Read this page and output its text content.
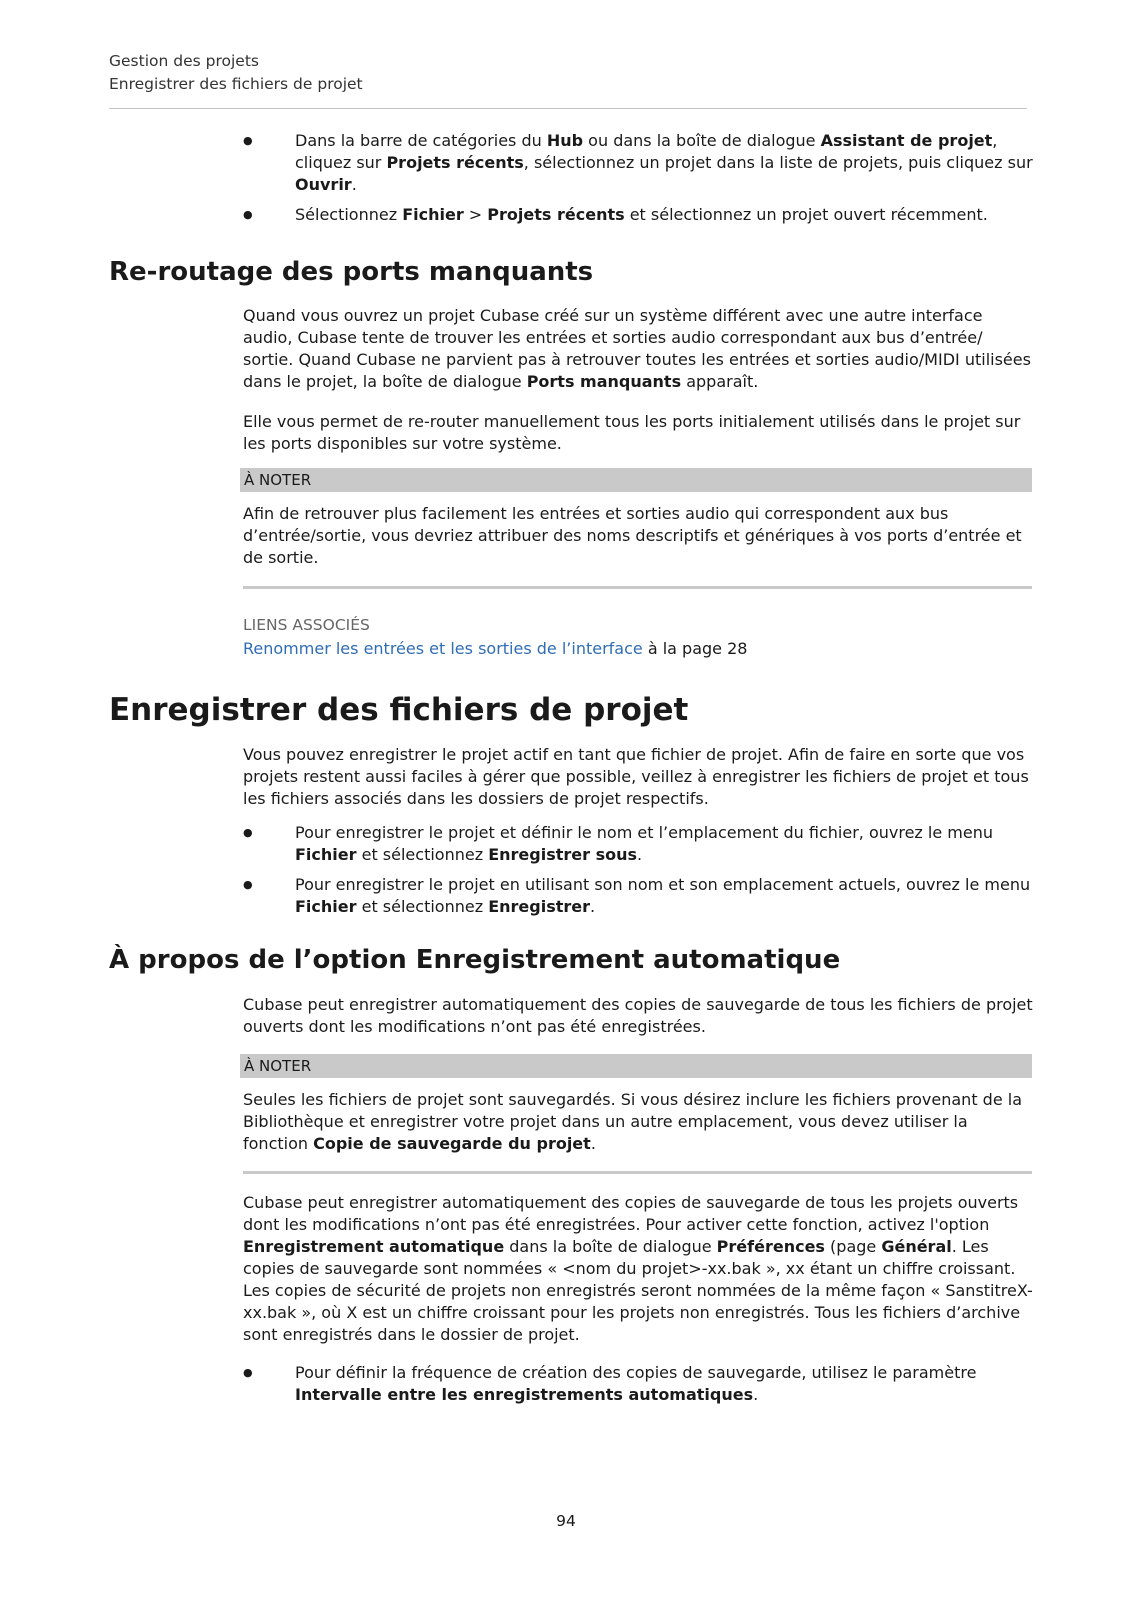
Gestion des projets
Enregistrer des fichiers de projet
● Dans la barre de catégories du Hub ou dans la boîte de dialogue Assistant de projet, cliquez sur Projets récents, sélectionnez un projet dans la liste de projets, puis cliquez sur Ouvrir.
● Sélectionnez Fichier > Projets récents et sélectionnez un projet ouvert récemment.
Re-routage des ports manquants

Quand vous ouvrez un projet Cubase créé sur un système différent avec une autre interface audio, Cubase tente de trouver les entrées et sorties audio correspondant aux bus d’entrée/ sortie. Quand Cubase ne parvient pas à retrouver toutes les entrées et sorties audio/MIDI utilisées dans le projet, la boîte de dialogue Ports manquants apparaît.

Elle vous permet de re-router manuellement tous les ports initialement utilisés dans le projet sur les ports disponibles sur votre système.

À NOTER

Afin de retrouver plus facilement les entrées et sorties audio qui correspondent aux bus d’entrée/sortie, vous devriez attribuer des noms descriptifs et génériques à vos ports d’entrée et de sortie.

LIENS ASSOCIÉS
Renommer les entrées et les sorties de l’interface à la page 28
Enregistrer des fichiers de projet

Vous pouvez enregistrer le projet actif en tant que fichier de projet. Afin de faire en sorte que vos projets restent aussi faciles à gérer que possible, veillez à enregistrer les fichiers de projet et tous les fichiers associés dans les dossiers de projet respectifs.

● Pour enregistrer le projet et définir le nom et l’emplacement du fichier, ouvrez le menu Fichier et sélectionnez Enregistrer sous.
● Pour enregistrer le projet en utilisant son nom et son emplacement actuels, ouvrez le menu Fichier et sélectionnez Enregistrer.
À propos de l’option Enregistrement automatique

Cubase peut enregistrer automatiquement des copies de sauvegarde de tous les fichiers de projet ouverts dont les modifications n’ont pas été enregistrées.

À NOTER

Seules les fichiers de projet sont sauvegardés. Si vous désirez inclure les fichiers provenant de la Bibliothèque et enregistrer votre projet dans un autre emplacement, vous devez utiliser la fonction Copie de sauvegarde du projet.

Cubase peut enregistrer automatiquement des copies de sauvegarde de tous les projets ouverts dont les modifications n’ont pas été enregistrées. Pour activer cette fonction, activez l'option Enregistrement automatique dans la boîte de dialogue Préférences (page Général. Les copies de sauvegarde sont nommées « <nom du projet>-xx.bak », xx étant un chiffre croissant. Les copies de sécurité de projets non enregistrés seront nommées de la même façon « SanstitreX-xx.bak », où X est un chiffre croissant pour les projets non enregistrés. Tous les fichiers d’archive sont enregistrés dans le dossier de projet.

● Pour définir la fréquence de création des copies de sauvegarde, utilisez le paramètre Intervalle entre les enregistrements automatiques.
94
